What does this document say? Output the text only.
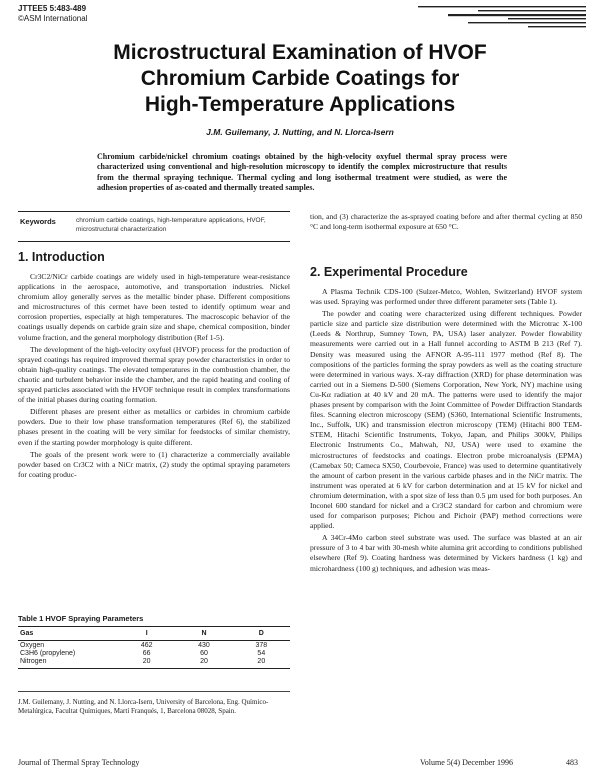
JTTEE5 5:483-489
©ASM International
Microstructural Examination of HVOF
Chromium Carbide Coatings for
High-Temperature Applications
J.M. Guilemany, J. Nutting, and N. Llorca-Isern
Chromium carbide/nickel chromium coatings obtained by the high-velocity oxyfuel thermal spray process were characterized using conventional and high-resolution microscopy to identify the complex microstructure that results from the thermal spraying technique. Thermal cycling and long isothermal treatment were studied, as were the adhesion properties of as-coated and thermally treated samples.
Keywords	chromium carbide coatings, high-temperature applications, HVOF, microstructural characterization
1. Introduction

Cr3C2/NiCr carbide coatings are widely used in high-temperature wear-resistance applications in the aerospace, automotive, and transportation industries. Nickel chromium alloy generally serves as the metallic binder phase. Different compositions and microstructures of this cermet have been tested to identify optimum wear and corrosion properties, especially at high temperatures. The macroscopic behavior of the coatings usually depends on carbide grain size and shape, chemical composition, binder volume fraction, and the general morphology distribution (Ref 1-5).

The development of the high-velocity oxyfuel (HVOF) process for the production of sprayed coatings has required improved thermal spray powder characteristics in order to obtain high-quality coatings. The elevated temperatures in the combustion chamber, the chaotic and turbulent behavior inside the chamber, and the rapid heating and cooling of sprayed particles associated with the HVOF technique result in complex transformations of the initial phases during coating formation.

Different phases are present either as metallics or carbides in chromium carbide powders. Due to their low phase transformation temperatures (Ref 6), the stabilized phases present in the coating will be very similar for feedstocks of similar chemistry, even if the starting powder morphology is quite different.

The goals of the present work were to (1) characterize a commercially available powder based on Cr3C2 with a NiCr matrix, (2) study the optimal spraying parameters for coating produc-

Table 1 HVOF Spraying Parameters
Gas	I	N	D
Oxygen	462	430	378
C3H6 (propylene)	66	60	54
Nitrogen	20	20	20
J.M. Guilemany, J. Nutting, and N. Llorca-Isern, University of Barcelona, Eng. Químico-Metalúrgica, Facultat Químiques, Martí Franqués, 1, Barcelona 08028, Spain.

tion, and (3) characterize the as-sprayed coating before and after thermal cycling at 850 °C and long-term isothermal exposure at 650 °C.

2. Experimental Procedure

A Plasma Technik CDS-100 (Sulzer-Metco, Wohlen, Switzerland) HVOF system was used. Spraying was performed under three different parameter sets (Table 1).

The powder and coating were characterized using different techniques. Powder particle size and particle size distribution were determined with the Microtrac X-100 (Leeds & Northrup, Sumney Town, PA, USA) laser analyzer. Powder flowability measurements were carried out in a Hall funnel according to ASTM B 213 (Ref 7). Density was measured using the AFNOR A-95-111 1977 method (Ref 8). The compositions of the particles forming the spray powders as well as the coating structure were determined in various ways. X-ray diffraction (XRD) for phase determination was carried out in a Siemens D-500 (Siemens Corporation, New York, NY) machine using Cu-Kα radiation at 40 kV and 20 mA. The patterns were used to identify the major phases present by comparison with the Joint Committee of Powder Diffraction Standards files. Scanning electron microscopy (SEM) (S360, International Scientific Instruments, Inc., Suffolk, UK) and transmission electron microscopy (TEM) (Hitachi 800 TEM-STEM, Hitachi Scientific Instruments, Tokyo, Japan, and Philips 300kV, Philips Electronic Instruments Co., Mahwah, NJ, USA) were used to examine the microstructures of feedstocks and coatings. Electron probe microanalysis (EPMA) (Camebax 50; Cameca SX50, Courbevoie, France) was used to determine quantitatively the amount of carbon present in the various carbide phases and in the NiCr matrix. The instrument was operated at 6 kV for carbon determination and at 15 kV for nickel and chromium determination, with a spot size of less than 0.5 µm used for both purposes. An Inconel 600 standard for nickel and a Cr3C2 standard for carbon and chromium were used for comparison purposes; Pichou and Pichoir (PAP) method corrections were applied.

A 34Cr-4Mo carbon steel substrate was used. The surface was blasted at an air pressure of 3 to 4 bar with 30-mesh white alumina grit according to conditions published elsewhere (Ref 9). Coating hardness was determined by Vickers hardness (1 kg) and microhardness (100 g) techniques, and adhesion was meas-

Journal of Thermal Spray Technology	Volume 5(4) December 1996	483
